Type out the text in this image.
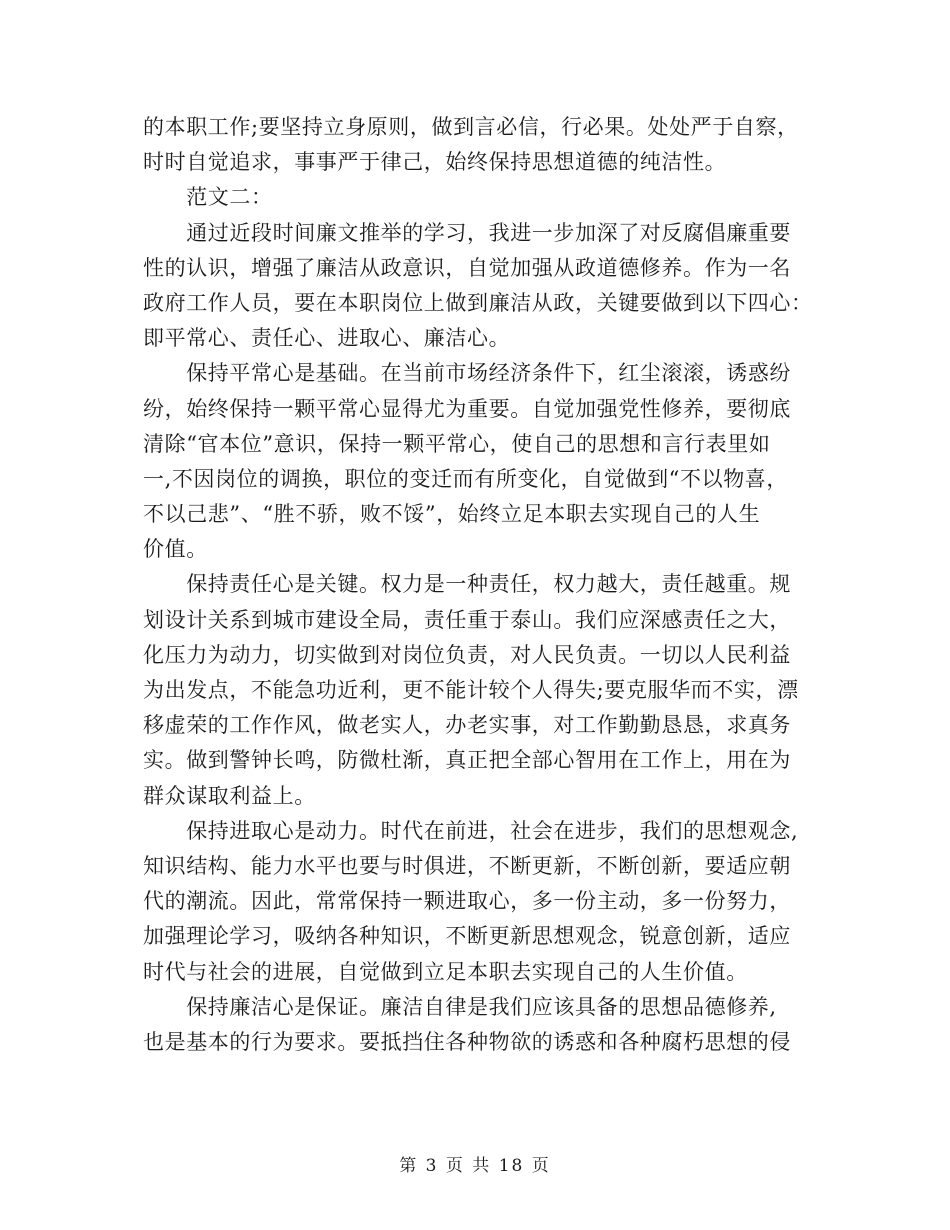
的本职工作;要坚持立身原则，做到言必信，行必果。处处严于自察，
时时自觉追求，事事严于律己，始终保持思想道德的纯洁性。
　　范文二：
　　通过近段时间廉文推举的学习，我进一步加深了对反腐倡廉重要
性的认识，增强了廉洁从政意识，自觉加强从政道德修养。作为一名
政府工作人员，要在本职岗位上做到廉洁从政，关键要做到以下四心：
即平常心、责任心、进取心、廉洁心。
　　保持平常心是基础。在当前市场经济条件下，红尘滚滚，诱惑纷
纷，始终保持一颗平常心显得尤为重要。自觉加强党性修养，要彻底
清除“官本位”意识，保持一颗平常心，使自己的思想和言行表里如
一,不因岗位的调换，职位的变迁而有所变化，自觉做到“不以物喜，
不以己悲”、“胜不骄，败不馁”，始终立足本职去实现自己的人生
价值。
　　保持责任心是关键。权力是一种责任，权力越大，责任越重。规
划设计关系到城市建设全局，责任重于泰山。我们应深感责任之大，
化压力为动力，切实做到对岗位负责，对人民负责。一切以人民利益
为出发点，不能急功近利，更不能计较个人得失;要克服华而不实，漂
移虚荣的工作作风，做老实人，办老实事，对工作勤勤恳恳，求真务
实。做到警钟长鸣，防微杜渐，真正把全部心智用在工作上，用在为
群众谋取利益上。
　　保持进取心是动力。时代在前进，社会在进步，我们的思想观念,
知识结构、能力水平也要与时俱进，不断更新，不断创新，要适应朝
代的潮流。因此，常常保持一颗进取心，多一份主动，多一份努力，
加强理论学习，吸纳各种知识，不断更新思想观念，锐意创新，适应
时代与社会的进展，自觉做到立足本职去实现自己的人生价值。
　　保持廉洁心是保证。廉洁自律是我们应该具备的思想品德修养,
也是基本的行为要求。要抵挡住各种物欲的诱惑和各种腐朽思想的侵
第 3 页 共 18 页
